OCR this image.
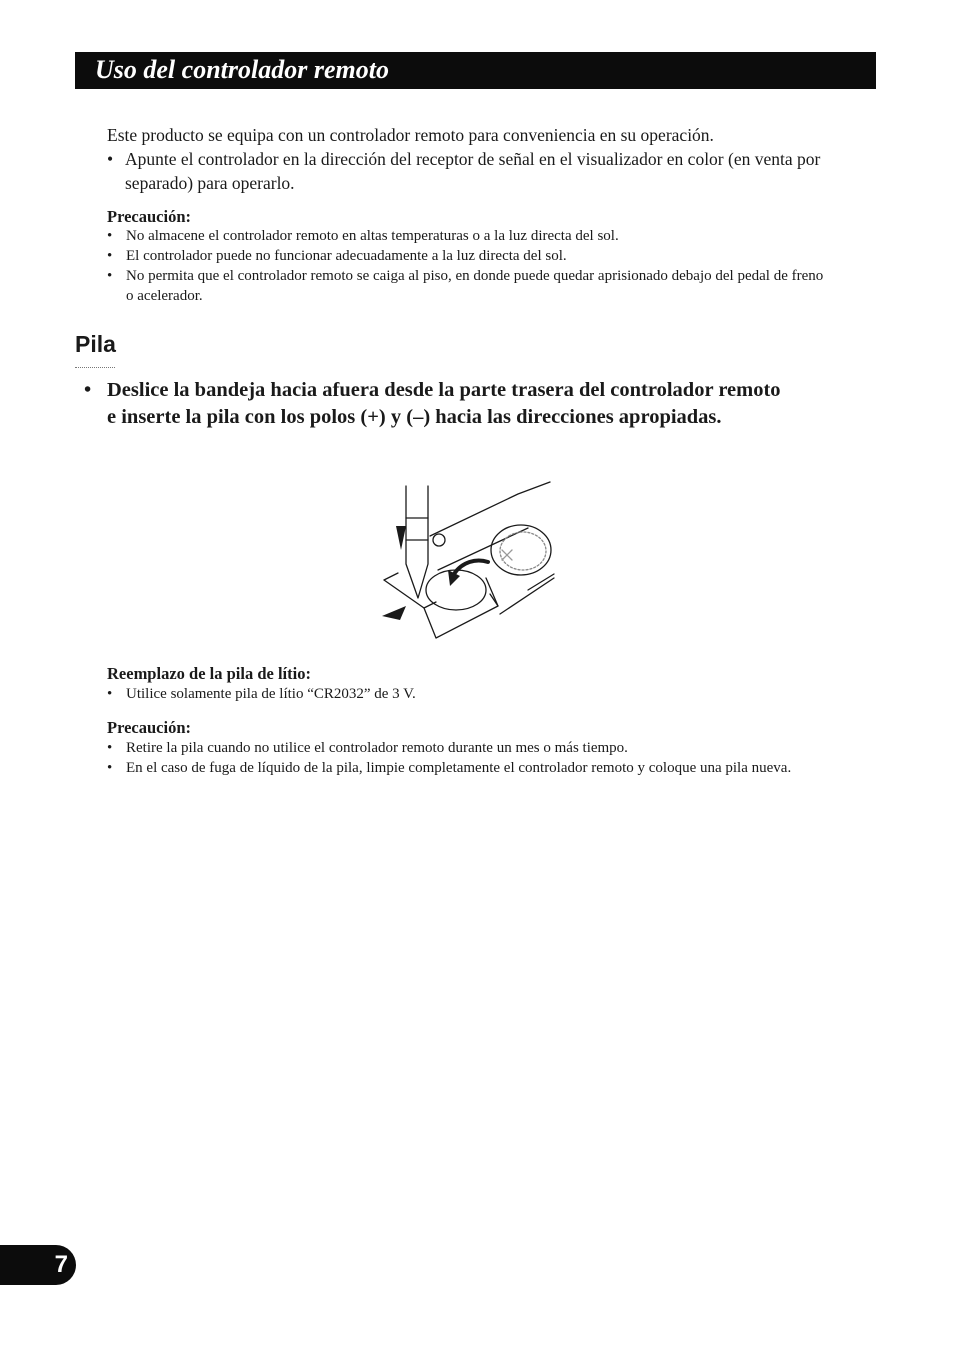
Uso del controlador remoto

Este producto se equipa con un controlador remoto para conveniencia en su operación.

• Apunte el controlador en la dirección del receptor de señal en el visualizador en color (en venta por separado) para operarlo.

Precaución:
• No almacene el controlador remoto en altas temperaturas o a la luz directa del sol.
• El controlador puede no funcionar adecuadamente a la luz directa del sol.
• No permita que el controlador remoto se caiga al piso, en donde puede quedar aprisionado debajo del pedal de freno o acelerador.
Pila
• Deslice la bandeja hacia afuera desde la parte trasera del controlador remoto e inserte la pila con los polos (+) y (–) hacia las direcciones apropiadas.
Reemplazo de la pila de lítio:
• Utilice solamente pila de lítio “CR2032” de 3 V.
Precaución:
• Retire la pila cuando no utilice el controlador remoto durante un mes o más tiempo.
• En el caso de fuga de líquido de la pila, limpie completamente el controlador remoto y coloque una pila nueva.
7
